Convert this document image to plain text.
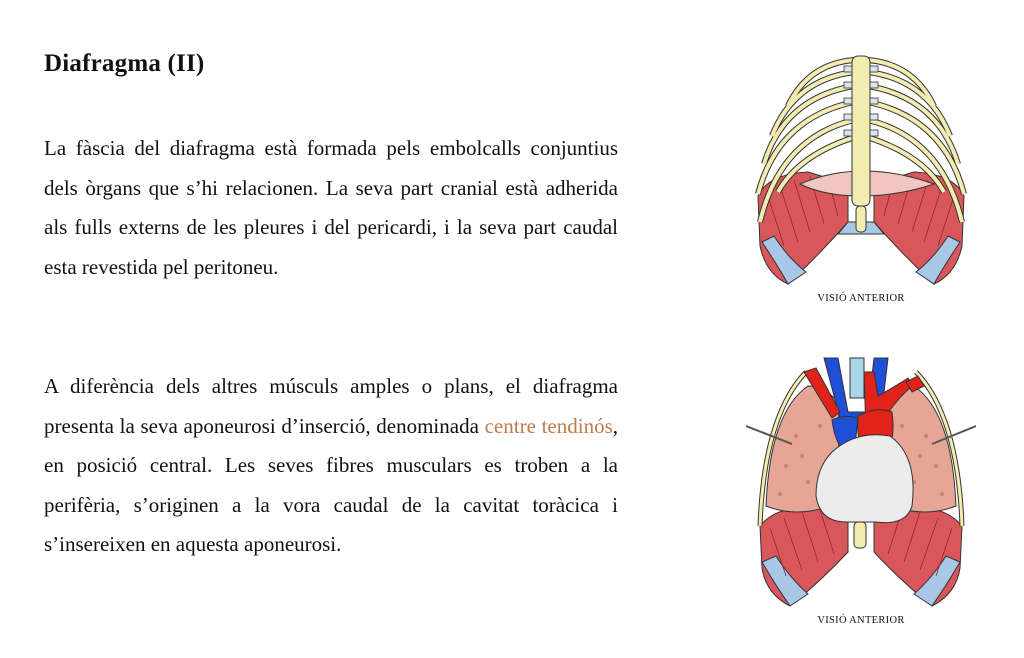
Diafragma (II)

La fàscia del diafragma està formada pels embolcalls conjuntius dels òrgans que s’hi relacionen. La seva part cranial està adherida als fulls externs de les pleures i del pericardi, i la seva part caudal esta revestida pel peritoneu.

A diferència dels altres músculs amples o plans, el diafragma presenta la seva aponeurosi d’inserció, denominada centre tendinós, en posició central. Les seves fibres musculars es troben a la perifèria, s’originen a la vora caudal de la cavitat toràcica i s’insereixen en aquesta aponeurosi.

VISIÓ ANTERIOR
VISIÓ ANTERIOR
